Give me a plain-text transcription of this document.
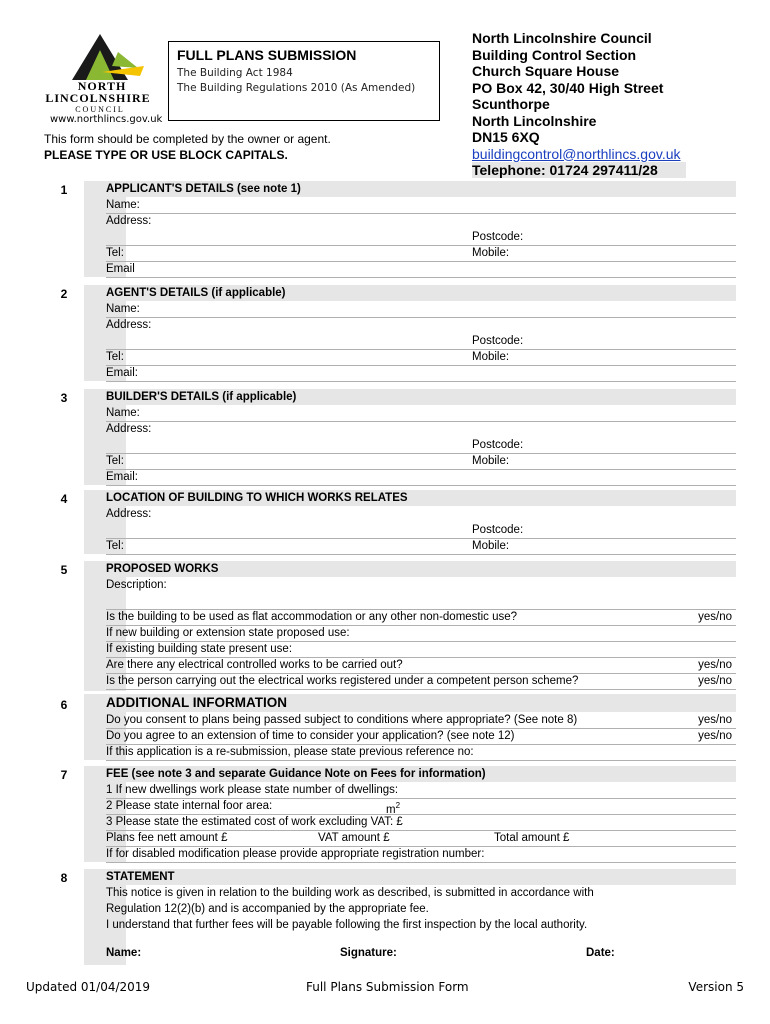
NORTH
LINCOLNSHIRE
COUNCIL
www.northlincs.gov.uk
FULL PLANS SUBMISSION
The Building Act 1984
The Building Regulations 2010 (As Amended)
North Lincolnshire Council
Building Control Section
Church Square House
PO Box 42, 30/40 High Street
Scunthorpe
North Lincolnshire
DN15 6XQ
buildingcontrol@northlincs.gov.uk
Telephone: 01724 297411/28
This form should be completed by the owner or agent.
PLEASE TYPE OR USE BLOCK CAPITALS.
1	APPLICANT'S DETAILS (see note 1)
Name:
Address:
Postcode:
Tel:	Mobile:
Email
2	AGENT'S DETAILS (if applicable)
Name:
Address:
Postcode:
Tel:	Mobile:
Email:
3	BUILDER'S DETAILS (if applicable)
Name:
Address:
Postcode:
Tel:	Mobile:
Email:
4	LOCATION OF BUILDING TO WHICH WORKS RELATES
Address:
Postcode:
Tel:	Mobile:
5	PROPOSED WORKS
Description:
Is the building to be used as flat accommodation or any other non-domestic use?	yes/no
If new building or extension state proposed use:
If existing building state present use:
Are there any electrical controlled works to be carried out?	yes/no
Is the person carrying out the electrical works registered under a competent person scheme?	yes/no
6	ADDITIONAL INFORMATION
Do you consent to plans being passed subject to conditions where appropriate? (See note 8)	yes/no
Do you agree to an extension of time to consider your application? (see note 12)	yes/no
If this application is a re-submission, please state previous reference no:
7	FEE (see note 3 and separate Guidance Note on Fees for information)
1 If new dwellings work please state number of dwellings:
2 Please state internal foor area:	$m^2$
3 Please state the estimated cost of work excluding VAT: £
Plans fee nett amount £	VAT amount £	Total amount £
If for disabled modification please provide appropriate registration number:
8	STATEMENT
This notice is given in relation to the building work as described, is submitted in accordance with
Regulation 12(2)(b) and is accompanied by the appropriate fee.
I understand that further fees will be payable following the first inspection by the local authority.
Name:	Signature:	Date:
Updated 01/04/2019	Full Plans Submission Form	Version 5
